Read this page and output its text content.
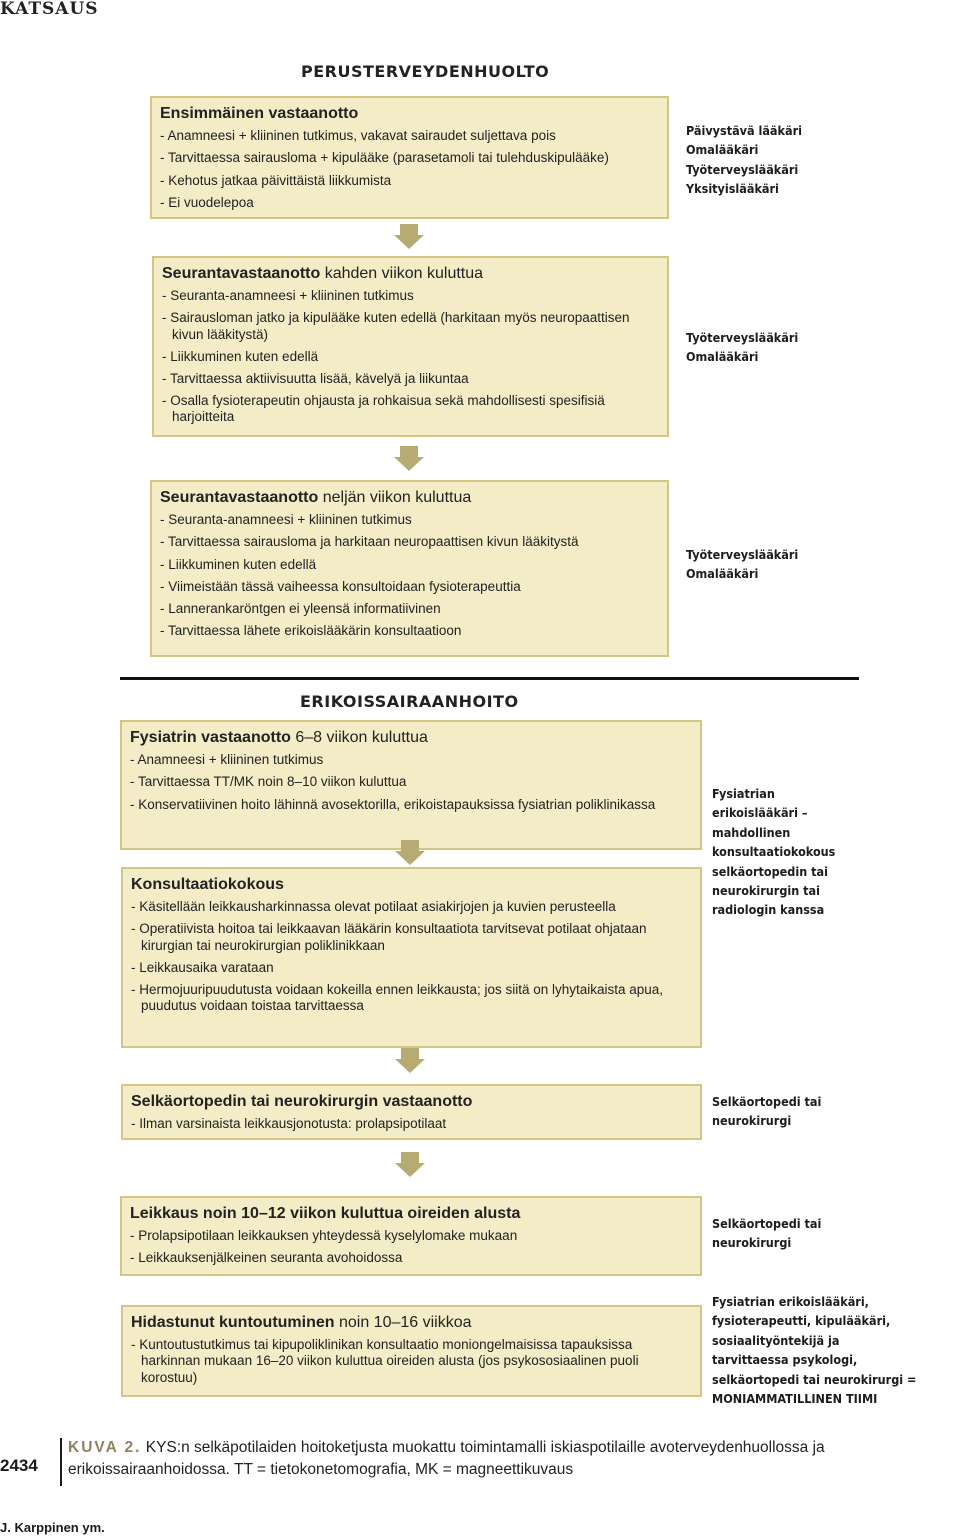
KATSAUS
PERUSTERVEYDENHUOLTO
Ensimmäinen vastaanotto
- Anamneesi + kliininen tutkimus, vakavat sairaudet suljettava pois
- Tarvittaessa sairausloma + kipulääke (parasetamoli tai tulehduskipulääke)
- Kehotus jatkaa päivittäistä liikkumista
- Ei vuodelepoa
Päivystävä lääkäri
Omalääkäri
Työterveyslääkäri
Yksityislääkäri
Seurantavastaanotto kahden viikon kuluttua
- Seuranta-anamneesi + kliininen tutkimus
- Sairausloman jatko ja kipulääke kuten edellä (harkitaan myös neuropaattisen kivun lääkitystä)
- Liikkuminen kuten edellä
- Tarvittaessa aktiivisuutta lisää, kävelyä ja liikuntaa
- Osalla fysioterapeutin ohjausta ja rohkaisua sekä mahdollisesti spesifisiä harjoitteita
Työterveyslääkäri
Omalääkäri
Seurantavastaanotto neljän viikon kuluttua
- Seuranta-anamneesi + kliininen tutkimus
- Tarvittaessa sairausloma ja harkitaan neuropaattisen kivun lääkitystä
- Liikkuminen kuten edellä
- Viimeistään tässä vaiheessa konsultoidaan fysioterapeuttia
- Lannerankaröntgen ei yleensä informatiivinen
- Tarvittaessa lähete erikoislääkärin konsultaatioon
Työterveyslääkäri
Omalääkäri
ERIKOISSAIRAANHOITO
Fysiatrin vastaanotto 6–8 viikon kuluttua
- Anamneesi + kliininen tutkimus
- Tarvittaessa TT/MK noin 8–10 viikon kuluttua
- Konservatiivinen hoito lähinnä avosektorilla, erikoistapauksissa fysiatrian poliklinikassa
Konsultaatiokokous
- Käsitellään leikkausharkinnassa olevat potilaat asiakirjojen ja kuvien perusteella
- Operatiivista hoitoa tai leikkaavan lääkärin konsultaatiota tarvitsevat potilaat ohjataan kirurgian tai neurokirurgian poliklinikkaan
- Leikkausaika varataan
- Hermojuuripuudutusta voidaan kokeilla ennen leikkausta; jos siitä on lyhytaikaista apua, puudutus voidaan toistaa tarvittaessa
Fysiatrian
erikoislääkäri –
mahdollinen
konsultaatiokokous
selkäortopedin tai
neurokirurgin tai
radiologin kanssa
Selkäortopedin tai neurokirurgin vastaanotto
- Ilman varsinaista leikkausjonotusta: prolapsipotilaat
Selkäortopedi tai
neurokirurgi
Leikkaus noin 10–12 viikon kuluttua oireiden alusta
- Prolapsipotilaan leikkauksen yhteydessä kyselylomake mukaan
- Leikkauksenjälkeinen seuranta avohoidossa
Selkäortopedi tai
neurokirurgi
Hidastunut kuntoutuminen noin 10–16 viikkoa
- Kuntoutustutkimus tai kipupoliklinikan konsultaatio moniongelmaisissa tapauksissa harkinnan mukaan 16–20 viikon kuluttua oireiden alusta (jos psykososiaalinen puoli korostuu)
Fysiatrian erikoislääkäri,
fysioterapeutti, kipulääkäri,
sosiaalityöntekijä ja
tarvittaessa psykologi,
selkäortopedi tai neurokirurgi =
MONIAMMATILLINEN TIIMI
2434
KUVA 2. KYS:n selkäpotilaiden hoitoketjusta muokattu toimintamalli iskiaspotilaille avoterveydenhuollossa ja erikoissairaanhoidossa. TT = tietokonetomografia, MK = magneettikuvaus
J. Karppinen ym.
